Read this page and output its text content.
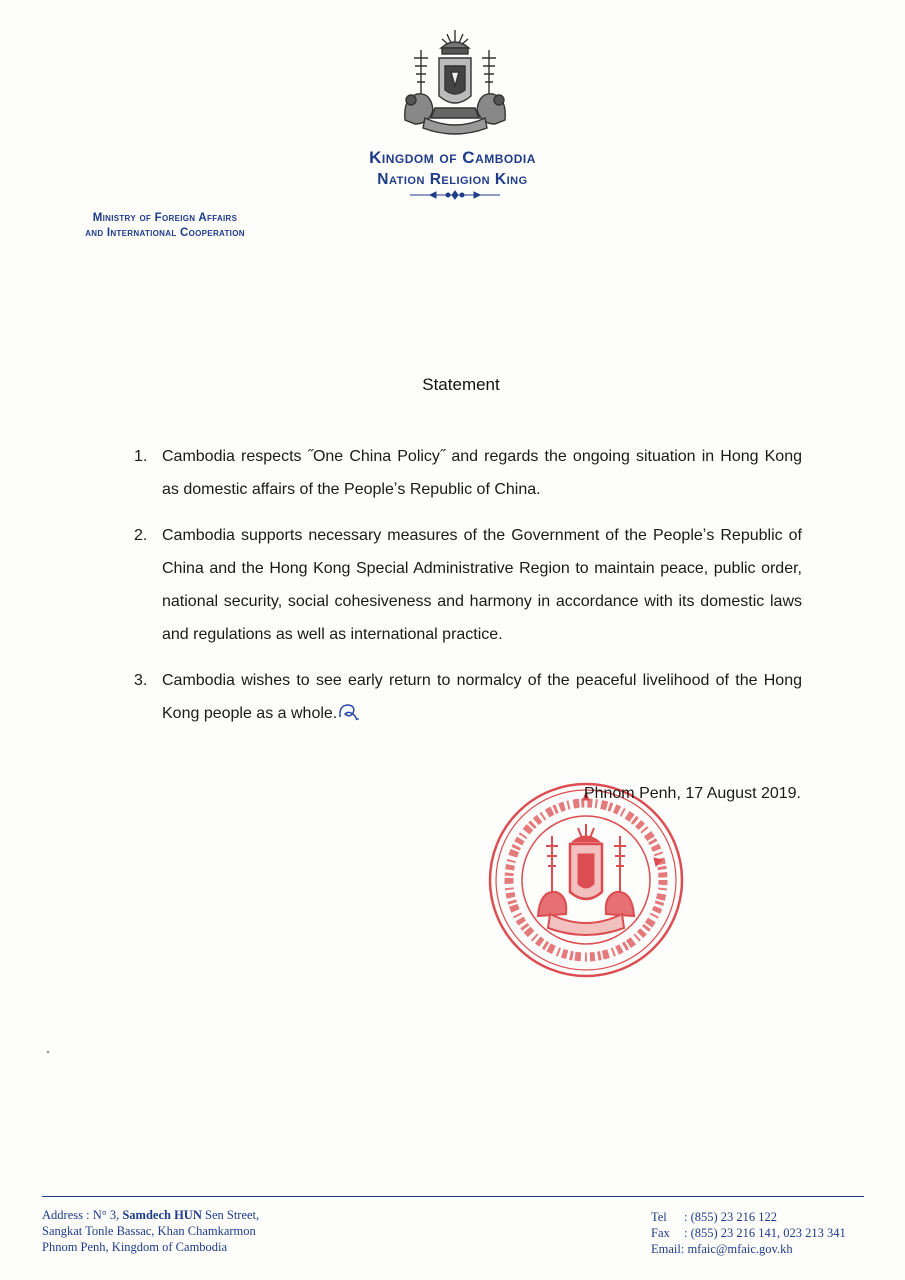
Kingdom of Cambodia
Nation Religion King
Ministry of Foreign Affairs
and International Cooperation
Statement
1. Cambodia respects ˝One China Policy˝ and regards the ongoing situation in Hong Kong as domestic affairs of the Peopleʼs Republic of China.
2. Cambodia supports necessary measures of the Government of the Peopleʼs Republic of China and the Hong Kong Special Administrative Region to maintain peace, public order, national security, social cohesiveness and harmony in accordance with its domestic laws and regulations as well as international practice.
3. Cambodia wishes to see early return to normalcy of the peaceful livelihood of the Hong Kong people as a whole.
Phnom Penh, 17 August 2019.
Address : N° 3, Samdech HUN Sen Street,
Sangkat Tonle Bassac, Khan Chamkarmon
Phnom Penh, Kingdom of Cambodia
Tel	: (855) 23 216 122
Fax	: (855) 23 216 141, 023 213 341
Email : mfaic@mfaic.gov.kh
